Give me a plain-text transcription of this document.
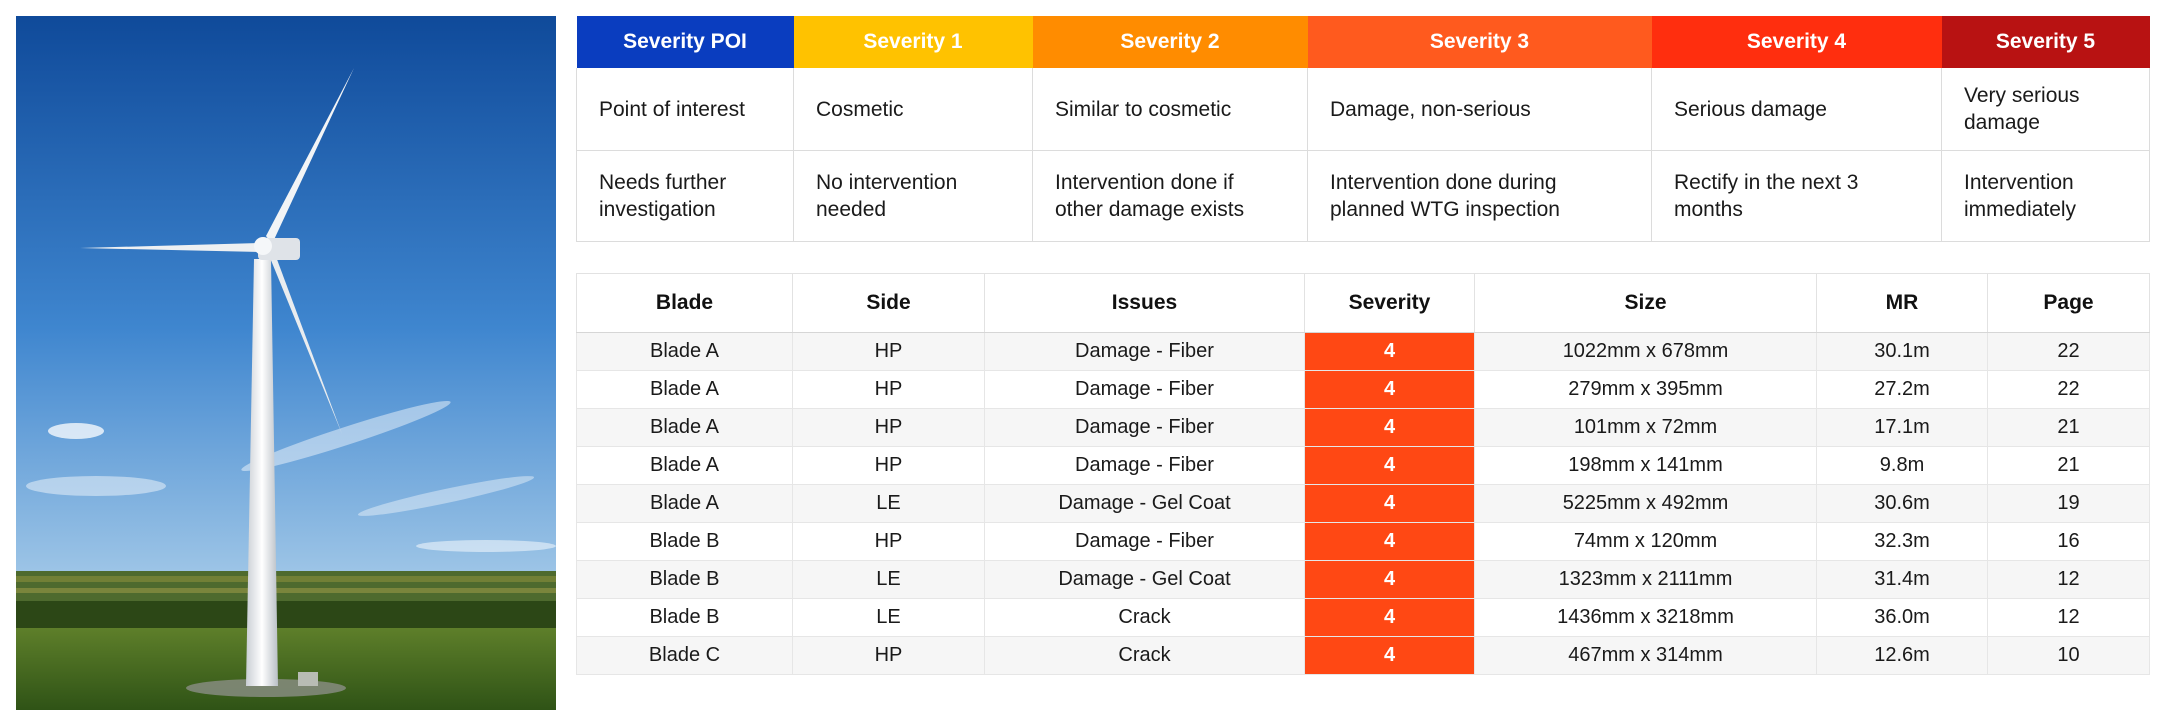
Severity POI	Severity 1	Severity 2	Severity 3	Severity 4	Severity 5
Point of interest	Cosmetic	Similar to cosmetic	Damage, non-serious	Serious damage	Very serious damage
Needs further investigation	No intervention needed	Intervention done if other damage exists	Intervention done during planned WTG inspection	Rectify in the next 3 months	Intervention immediately
Blade	Side	Issues	Severity	Size	MR	Page
Blade A	HP	Damage - Fiber	4	1022mm x 678mm	30.1m	22
Blade A	HP	Damage - Fiber	4	279mm x 395mm	27.2m	22
Blade A	HP	Damage - Fiber	4	101mm x 72mm	17.1m	21
Blade A	HP	Damage - Fiber	4	198mm x 141mm	9.8m	21
Blade A	LE	Damage - Gel Coat	4	5225mm x 492mm	30.6m	19
Blade B	HP	Damage - Fiber	4	74mm x 120mm	32.3m	16
Blade B	LE	Damage - Gel Coat	4	1323mm x 2111mm	31.4m	12
Blade B	LE	Crack	4	1436mm x 3218mm	36.0m	12
Blade C	HP	Crack	4	467mm x 314mm	12.6m	10
